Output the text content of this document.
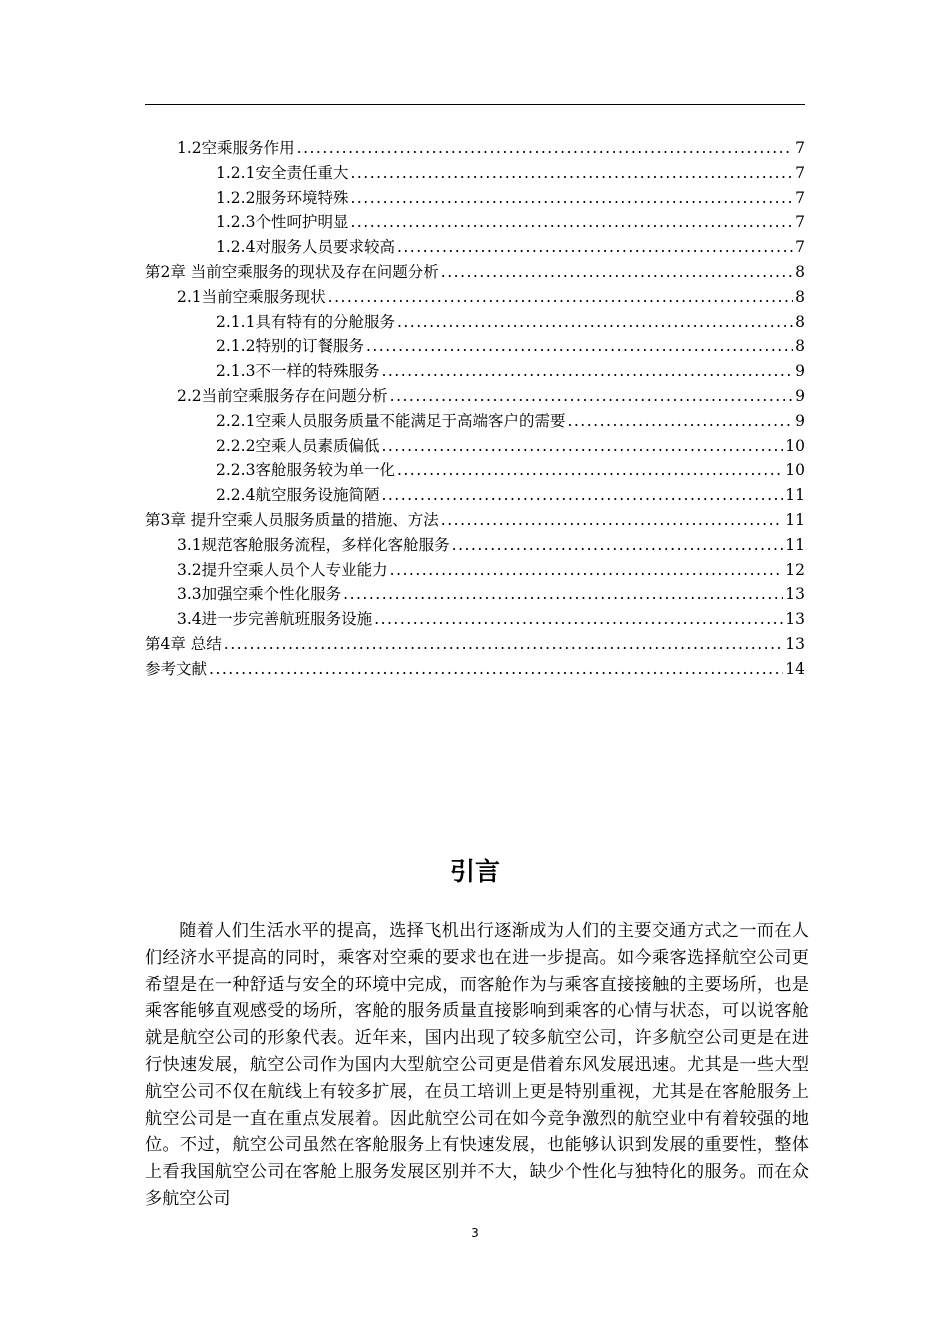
1.2空乘服务作用 .....	7
1.2.1安全责任重大 .....	7
1.2.2服务环境特殊 .....	7
1.2.3个性呵护明显 .....	7
1.2.4对服务人员要求较高 .....	7
第2章 当前空乘服务的现状及存在问题分析 .....	8
2.1当前空乘服务现状 .....	8
2.1.1具有特有的分舱服务 .....	8
2.1.2特别的订餐服务 .....	8
2.1.3不一样的特殊服务 .....	9
2.2当前空乘服务存在问题分析 .....	9
2.2.1空乘人员服务质量不能满足于高端客户的需要 .....	9
2.2.2空乘人员素质偏低 .....	10
2.2.3客舱服务较为单一化 .....	10
2.2.4航空服务设施简陋 .....	11
第3章 提升空乘人员服务质量的措施、方法 .....	11
3.1规范客舱服务流程，多样化客舱服务 .....	11
3.2提升空乘人员个人专业能力 .....	12
3.3加强空乘个性化服务 .....	13
3.4进一步完善航班服务设施 .....	13
第4章 总结 .....	13
参考文献 .....	14
引言

随着人们生活水平的提高，选择飞机出行逐渐成为人们的主要交通方式之一而在人们经济水平提高的同时，乘客对空乘的要求也在进一步提高。如今乘客选择航空公司更希望是在一种舒适与安全的环境中完成，而客舱作为与乘客直接接触的主要场所，也是乘客能够直观感受的场所，客舱的服务质量直接影响到乘客的心情与状态，可以说客舱就是航空公司的形象代表。近年来，国内出现了较多航空公司，许多航空公司更是在进行快速发展，航空公司作为国内大型航空公司更是借着东风发展迅速。尤其是一些大型航空公司不仅在航线上有较多扩展，在员工培训上更是特别重视，尤其是在客舱服务上航空公司是一直在重点发展着。因此航空公司在如今竞争激烈的航空业中有着较强的地位。不过，航空公司虽然在客舱服务上有快速发展，也能够认识到发展的重要性，整体上看我国航空公司在客舱上服务发展区别并不大，缺少个性化与独特化的服务。而在众多航空公司

3
